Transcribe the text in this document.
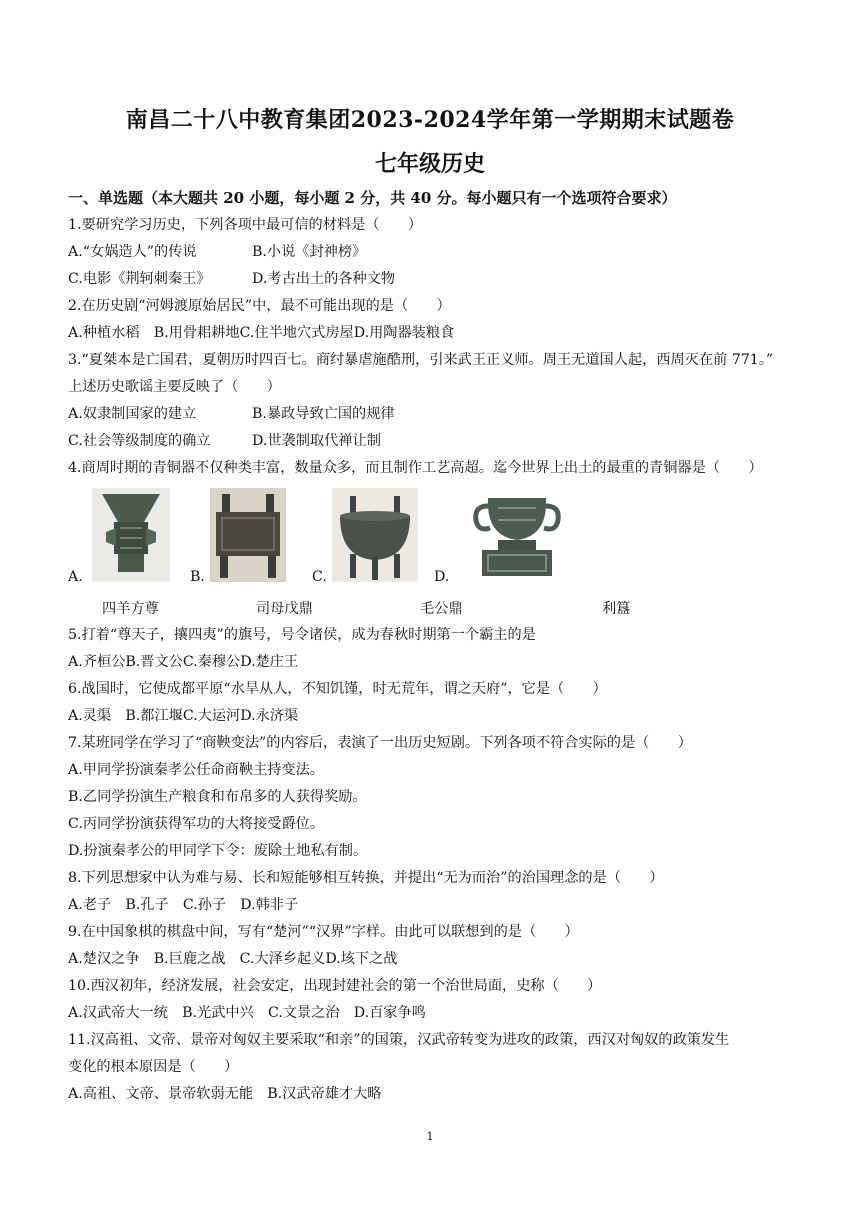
南昌二十八中教育集团2023-2024学年第一学期期末试题卷
七年级历史
一、单选题（本大题共 20 小题，每小题 2 分，共 40 分。每小题只有一个选项符合要求）
1.要研究学习历史，下列各项中最可信的材料是（　　）
A.“女娲造人”的传说	B.小说《封神榜》
C.电影《荆轲刺秦王》	D.考古出土的各种文物
2.在历史剧“河姆渡原始居民”中，最不可能出现的是（　　）
A.种植水稻　B.用骨耜耕地C.住半地穴式房屋D.用陶器装粮食
3.“夏桀本是亡国君，夏朝历时四百七。商纣暴虐施酷刑，引来武王正义师。周王无道国人起，西周灭在前 771。”
上述历史歌谣主要反映了（　　）
A.奴隶制国家的建立	B.暴政导致亡国的规律
C.社会等级制度的确立	D.世袭制取代禅让制
4.商周时期的青铜器不仅种类丰富，数量众多，而且制作工艺高超。迄今世界上出土的最重的青铜器是（　　）
A.	B.	C.	D.
四羊方尊	司母戊鼎	毛公鼎	利簋
5.打着“尊天子，攘四夷”的旗号，号令诸侯，成为春秋时期第一个霸主的是
A.齐桓公B.晋文公C.秦穆公D.楚庄王
6.战国时，它使成都平原“水旱从人，不知饥馑，时无荒年，谓之天府”，它是（　　）
A.灵渠　B.都江堰C.大运河D.永济渠
7.某班同学在学习了“商鞅变法”的内容后，表演了一出历史短剧。下列各项不符合实际的是（　　）
A.甲同学扮演秦孝公任命商鞅主持变法。
B.乙同学扮演生产粮食和布帛多的人获得奖励。
C.丙同学扮演获得军功的大将接受爵位。
D.扮演秦孝公的甲同学下令：废除土地私有制。
8.下列思想家中认为难与易、长和短能够相互转换，并提出“无为而治”的治国理念的是（　　）
A.老子　B.孔子　C.孙子　D.韩非子
9.在中国象棋的棋盘中间，写有“楚河”“汉界”字样。由此可以联想到的是（　　）
A.楚汉之争　B.巨鹿之战　C.大泽乡起义D.垓下之战
10.西汉初年，经济发展，社会安定，出现封建社会的第一个治世局面，史称（　　）
A.汉武帝大一统　B.光武中兴　C.文景之治　D.百家争鸣
11.汉高祖、文帝、景帝对匈奴主要采取“和亲”的国策，汉武帝转变为进攻的政策，西汉对匈奴的政策发生
变化的根本原因是（　　）
A.高祖、文帝、景帝软弱无能　B.汉武帝雄才大略
1
